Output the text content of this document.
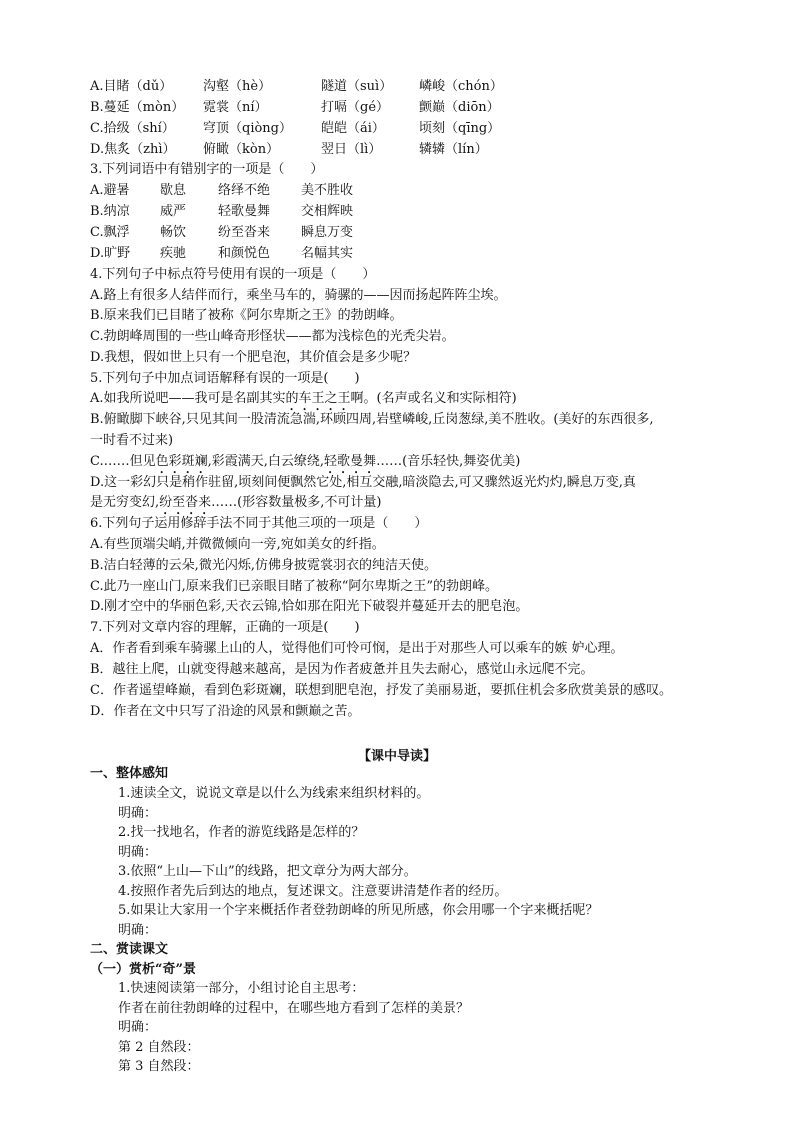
A.目睹（dǔ） 沟壑（hè）	隧道（suì） 嶙峻（chón）
B.蔓延（mòn） 霓裳（ní）	打嗝（gé） 颤巅（diōn）
C.拾级（shí） 穹顶（qiòng） 皑皑（ái）	顷刻（qīng）
D.焦炙（zhì） 俯瞰（kòn）	翌日（lì）	辚辚（lín）
3.下列词语中有错别字的一项是（　　）
A.避暑 歇息 络绎不绝 美不胜收
B.纳凉 威严 轻歌曼舞 交相辉映
C.飘浮 畅饮 纷至沓来 瞬息万变
D.旷野 疾驰 和颜悦色 名幅其实
4.下列句子中标点符号使用有误的一项是（　　）
A.路上有很多人结伴而行，乘坐马车的，骑骡的——因而扬起阵阵尘埃。
B.原来我们已目睹了被称《阿尔卑斯之王》的勃朗峰。
C.勃朗峰周围的一些山峰奇形怪状——都为浅棕色的光秃尖岩。
D.我想，假如世上只有一个肥皂泡，其价值会是多少呢？
5.下列句子中加点词语解释有误的一项是(　　)
A.如我所说吧——我可是名副其实的车王之王啊。(名声或名义和实际相符)
B.俯瞰脚下峡谷,只见其间一股清流急湍,环顾四周,岩壁嶙峻,丘岗葱绿,美不胜收。(美好的东西很多,
一时看不过来)
C.……但见色彩斑斓,彩霞满天,白云缭绕,轻歌曼舞……(音乐轻快,舞姿优美)
D.这一彩幻只是稍作驻留,顷刻间便飘然它处,相互交融,暗淡隐去,可又骤然返光灼灼,瞬息万变,真
是无穷变幻,纷至沓来……(形容数量极多,不可计量)
6.下列句子运用修辞手法不同于其他三项的一项是（　　）
A.有些顶端尖峭,并微微倾向一旁,宛如美女的纤指。
B.洁白轻薄的云朵,微光闪烁,仿佛身披霓裳羽衣的纯洁天使。
C.此乃一座山门,原来我们已亲眼目睹了被称“阿尔卑斯之王”的勃朗峰。
D.刚才空中的华丽色彩,天衣云锦,恰如那在阳光下破裂并蔓延开去的肥皂泡。
7.下列对文章内容的理解，正确的一项是(　　)
A．作者看到乘车骑骡上山的人，觉得他们可怜可悯，是出于对那些人可以乘车的嫉 妒心理。
B．越往上爬，山就变得越来越高，是因为作者疲惫并且失去耐心，感觉山永远爬不完。
C．作者遥望峰巅，看到色彩斑斓，联想到肥皂泡，抒发了美丽易逝，要抓住机会多欣赏美景的感叹。
D．作者在文中只写了沿途的风景和颤巅之苦。
【课中导读】
一、整体感知
1.速读全文，说说文章是以什么为线索来组织材料的。
明确：
2.找一找地名，作者的游览线路是怎样的？
明确：
3.依照“上山—下山”的线路，把文章分为两大部分。
4.按照作者先后到达的地点，复述课文。注意要讲清楚作者的经历。
5.如果让大家用一个字来概括作者登勃朗峰的所见所感，你会用哪一个字来概括呢？
明确：
二、赏读课文
（一）赏析“奇”景
1.快速阅读第一部分，小组讨论自主思考：
作者在前往勃朗峰的过程中，在哪些地方看到了怎样的美景？
明确：
第 2 自然段：
第 3 自然段：
